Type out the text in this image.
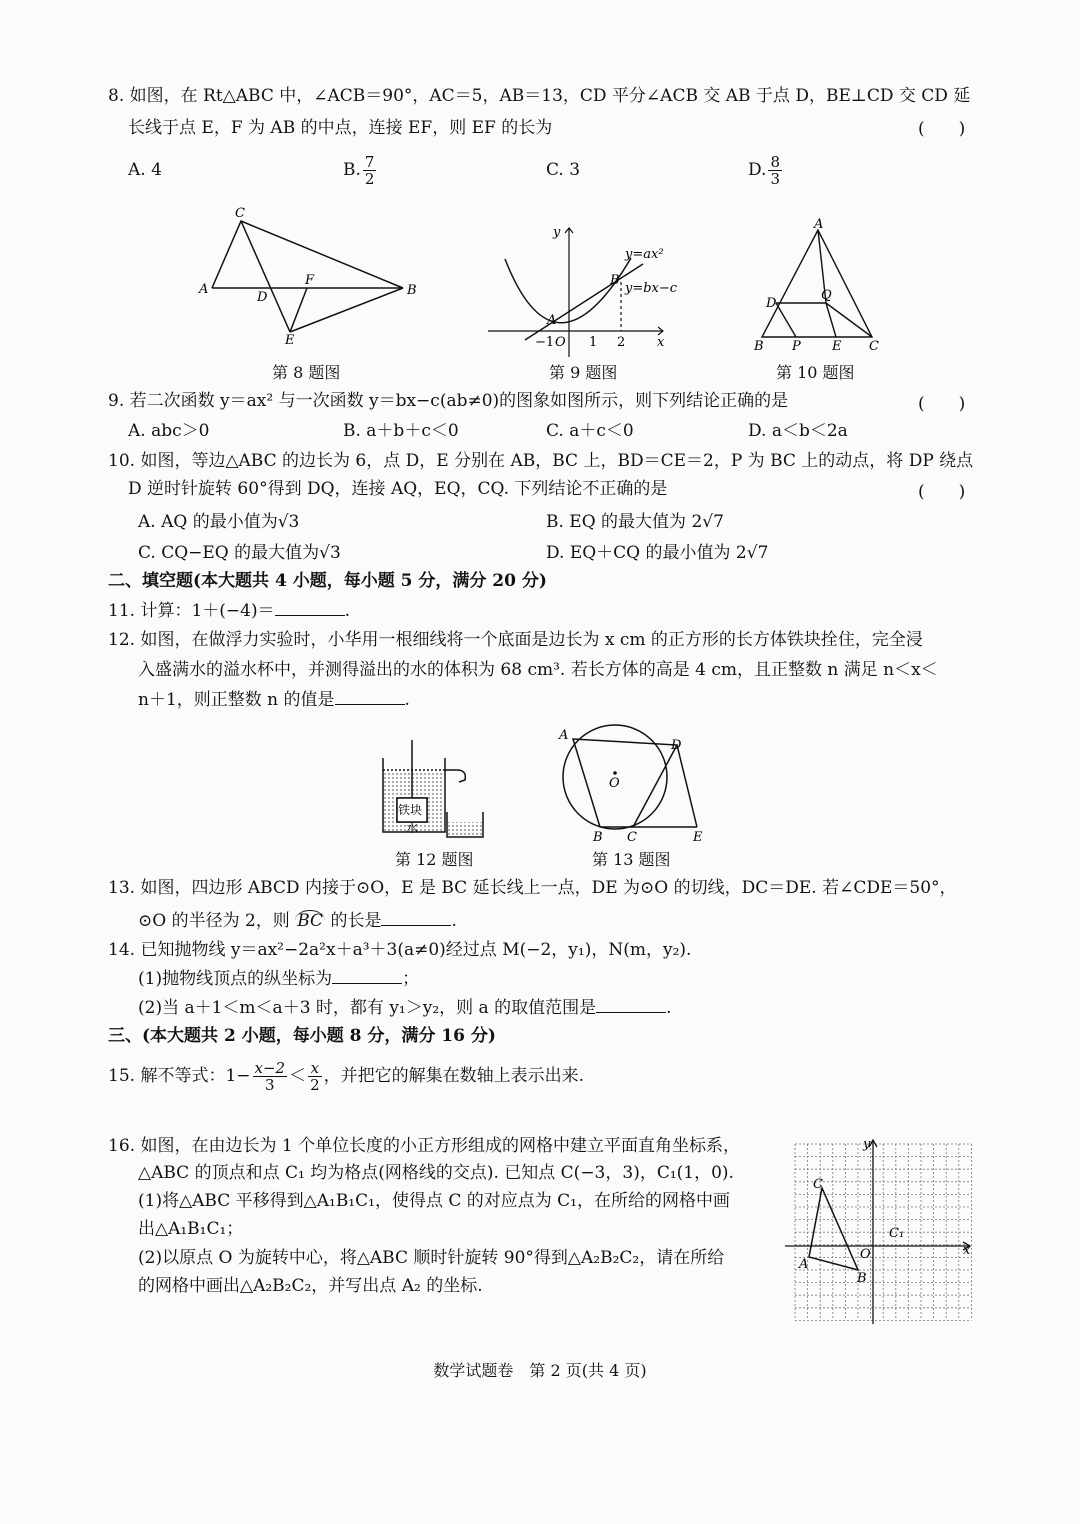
8. 如图，在 Rt△ABC 中，∠ACB＝90°，AC＝5，AB＝13，CD 平分∠ACB 交 AB 于点 D，BE⊥CD 交 CD 延
长线于点 E，F 为 AB 的中点，连接 EF，则 EF 的长为	(　　)
A. 4	B. $\frac{7}{2}$	C. 3	D. $\frac{8}{3}$
C
A	B
D
F
E
第 8 题图
y
x
O
A
B
−1	1 2
y=ax²
y=bx−c
第 9 题图
A
D
Q
B P E C
第 10 题图
9. 若二次函数 y＝ax² 与一次函数 y＝bx−c(ab≠0)的图象如图所示，则下列结论正确的是	(　　)
A. abc＞0	B. a＋b＋c＜0	C. a＋c＜0	D. a＜b＜2a
10. 如图，等边△ABC 的边长为 6，点 D，E 分别在 AB，BC 上，BD＝CE＝2，P 为 BC 上的动点，将 DP 绕点
D 逆时针旋转 60°得到 DQ，连接 AQ，EQ，CQ. 下列结论不正确的是	(　　)
A. AQ 的最小值为√3	B. EQ 的最大值为 2√7
C. CQ−EQ 的最大值为√3	D. EQ＋CQ 的最小值为 2√7
二、填空题(本大题共 4 小题，每小题 5 分，满分 20 分)
11. 计算：1＋(−4)＝	.
12. 如图，在做浮力实验时，小华用一根细线将一个底面是边长为 x cm 的正方形的长方体铁块拴住，完全浸
入盛满水的溢水杯中，并测得溢出的水的体积为 68 cm³. 若长方体的高是 4 cm，且正整数 n 满足 n＜x＜
n＋1，则正整数 n 的值是	.
铁块
水
第 12 题图
A
D
O
B C	E
第 13 题图
13. 如图，四边形 ABCD 内接于⊙O，E 是 BC 延长线上一点，DE 为⊙O 的切线，DC＝DE. 若∠CDE＝50°，
⊙O 的半径为 2，则 BC 的长是	.
14. 已知抛物线 y＝ax²−2a²x＋a³＋3(a≠0)经过点 M(−2，y₁)，N(m，y₂).
(1)抛物线顶点的纵坐标为	；
(2)当 a＋1＜m＜a＋3 时，都有 y₁＞y₂，则 a 的取值范围是	.
三、(本大题共 2 小题，每小题 8 分，满分 16 分)
15. 解不等式：$1- \frac{x-2}{3} < \frac{x}{2}$ ，并把它的解集在数轴上表示出来.
16. 如图，在由边长为 1 个单位长度的小正方形组成的网格中建立平面直角坐标系，
△ABC 的顶点和点 C₁ 均为格点(网格线的交点). 已知点 C(−3，3)，C₁(1，0).
(1)将△ABC 平移得到△A₁B₁C₁，使得点 C 的对应点为 C₁，在所给的网格中画
出△A₁B₁C₁；
(2)以原点 O 为旋转中心，将△ABC 顺时针旋转 90°得到△A₂B₂C₂，请在所给
的网格中画出△A₂B₂C₂，并写出点 A₂ 的坐标.
y
x
O
C
A
B
C₁
数学试题卷　第 2 页(共 4 页)
